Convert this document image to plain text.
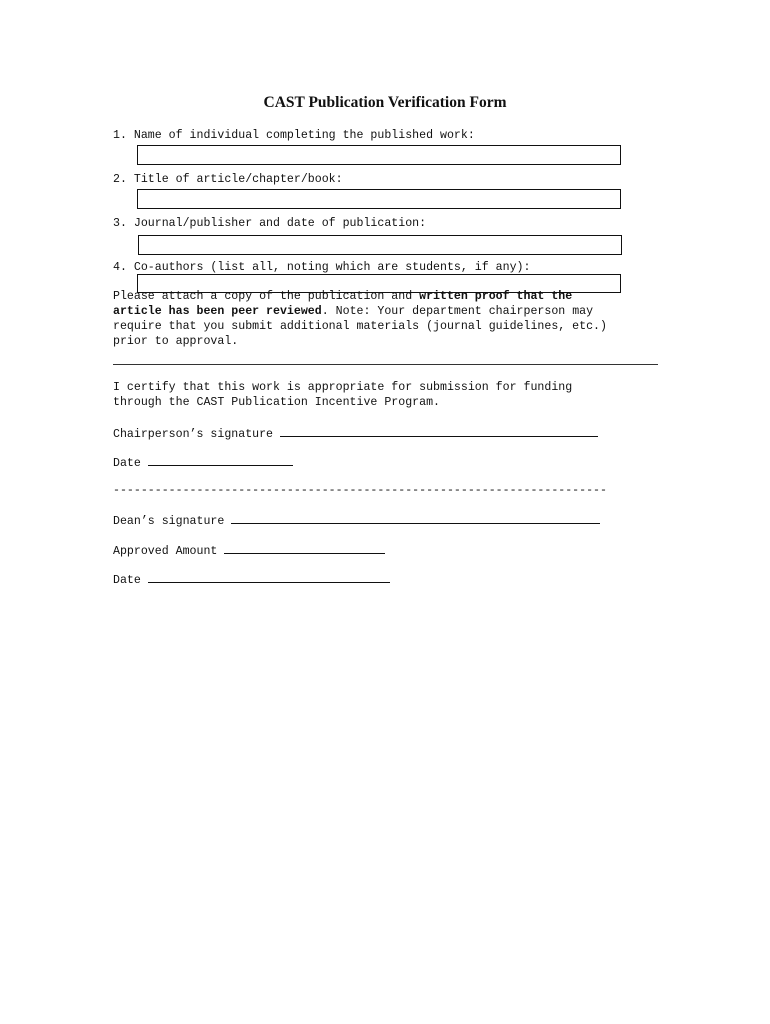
CAST Publication Verification Form
1. Name of individual completing the published work:
2. Title of article/chapter/book:
3. Journal/publisher and date of publication:
4. Co-authors (list all, noting which are students, if any):
Please attach a copy of the publication and written proof that the
article has been peer reviewed. Note: Your department chairperson may
require that you submit additional materials (journal guidelines, etc.)
prior to approval.
I certify that this work is appropriate for submission for funding
through the CAST Publication Incentive Program.
Chairperson’s signature
Date
-----------------------------------------------------------------------
Dean’s signature
Approved Amount
Date
